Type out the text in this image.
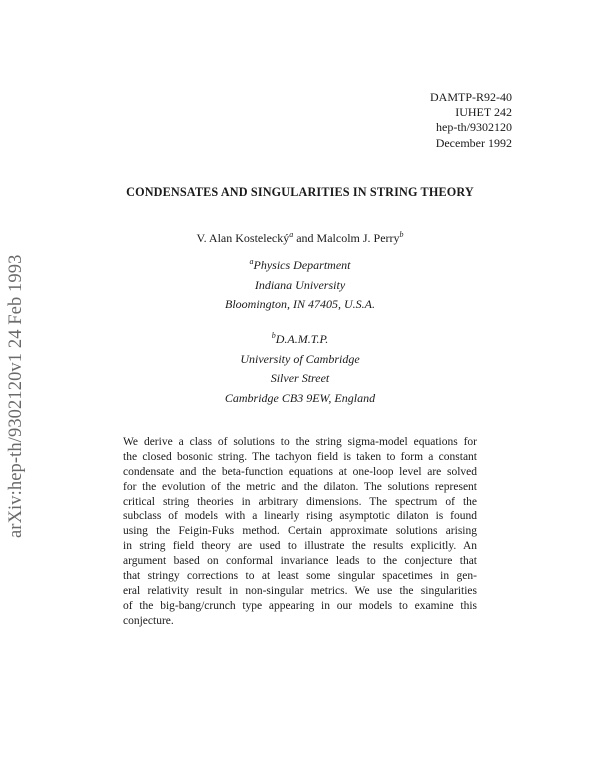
arXiv:hep-th/9302120v1 24 Feb 1993
DAMTP-R92-40
IUHET 242
hep-th/9302120
December 1992
CONDENSATES AND SINGULARITIES IN STRING THEORY
V. Alan Kostelecký$^a$ and Malcolm J. Perry$^b$
$^a$Physics Department
Indiana University
Bloomington, IN 47405, U.S.A.
$^b$D.A.M.T.P.
University of Cambridge
Silver Street
Cambridge CB3 9EW, England
We derive a class of solutions to the string sigma-model equations for
the closed bosonic string. The tachyon field is taken to form a constant
condensate and the beta-function equations at one-loop level are solved
for the evolution of the metric and the dilaton. The solutions represent
critical string theories in arbitrary dimensions. The spectrum of the
subclass of models with a linearly rising asymptotic dilaton is found
using the Feigin-Fuks method. Certain approximate solutions arising
in string field theory are used to illustrate the results explicitly. An
argument based on conformal invariance leads to the conjecture that
that stringy corrections to at least some singular spacetimes in gen-
eral relativity result in non-singular metrics. We use the singularities
of the big-bang/crunch type appearing in our models to examine this
conjecture.
